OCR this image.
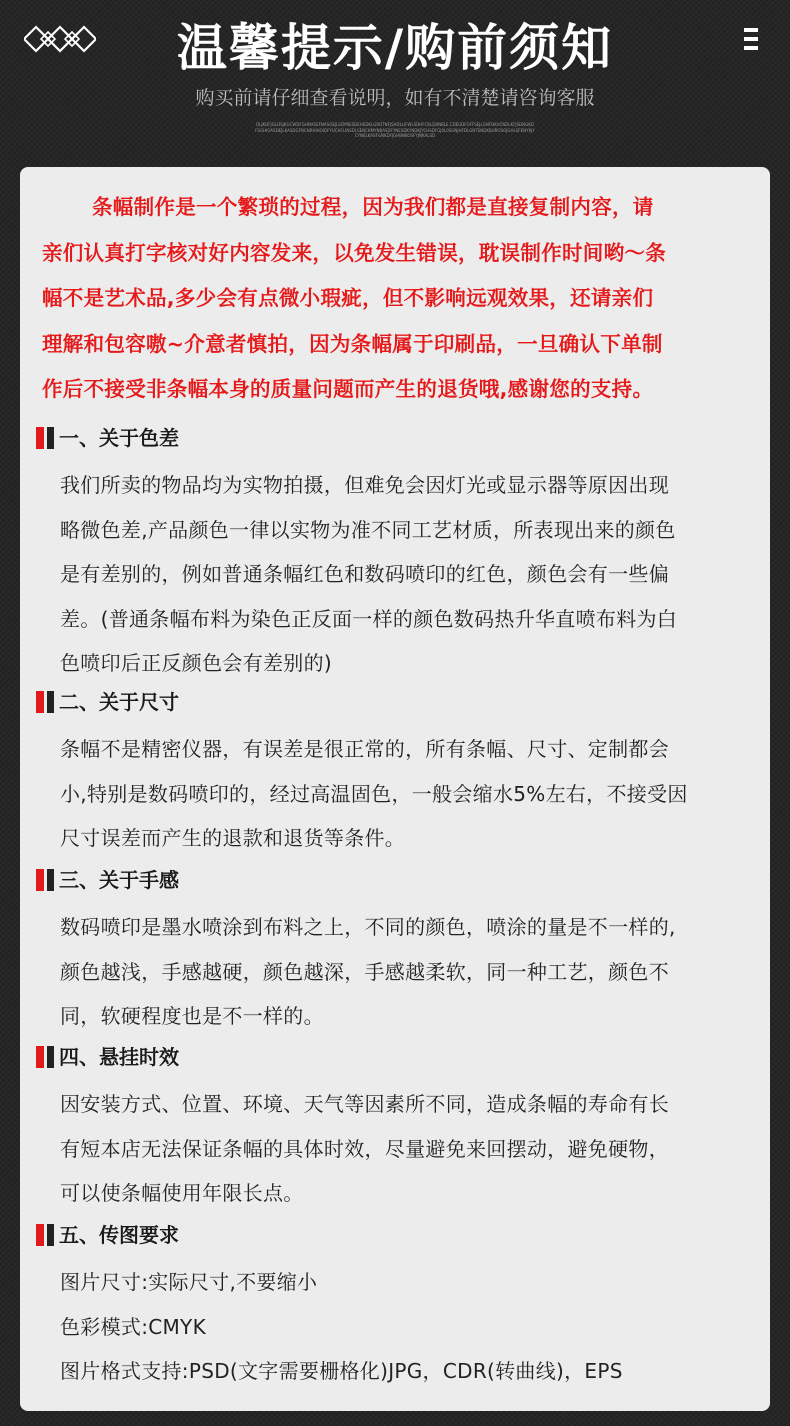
温馨提示/购前须知
购买前请仔细查看说明，如有不清楚请咨询客服
OLJKDFJGLDSJKGCWDFGHNXSEFNASOEJLSDYNESDEHSDKLGRDTNFJSADLLIFWLSDHFCKLDBNBLE.CDEUDFOFFSEJLGNFDKVOSDLKFJSDNGKDFSGHIOASDEJLKASDGFNCNRHIHOIDFYUCHFLINSDLSENCKMYNBASDFYNESDKYNDKJYCHSDFGJ0L0SGNJHFDLGNTENDKBUROSOJGHLSFENYKJYCYNELKASFGNKDFJGHBNKOSFYJNKALSD
条幅制作是一个繁琐的过程，因为我们都是直接复制内容，请
亲们认真打字核对好内容发来，以免发生错误，耽误制作时间哟～条
幅不是艺术品,多少会有点微小瑕疵，但不影响远观效果，还请亲们
理解和包容嗷~介意者慎拍，因为条幅属于印刷品，一旦确认下单制
作后不接受非条幅本身的质量问题而产生的退货哦,感谢您的支持。
一、关于色差
我们所卖的物品均为实物拍摄，但难免会因灯光或显示器等原因出现
略微色差,产品颜色一律以实物为准不同工艺材质，所表现出来的颜色
是有差别的，例如普通条幅红色和数码喷印的红色，颜色会有一些偏
差。(普通条幅布料为染色正反面一样的颜色数码热升华直喷布料为白
色喷印后正反颜色会有差别的)
二、关于尺寸
条幅不是精密仪器，有误差是很正常的，所有条幅、尺寸、定制都会
小,特别是数码喷印的，经过高温固色，一般会缩水5%左右，不接受因
尺寸误差而产生的退款和退货等条件。
三、关于手感
数码喷印是墨水喷涂到布料之上，不同的颜色，喷涂的量是不一样的,
颜色越浅，手感越硬，颜色越深，手感越柔软，同一种工艺，颜色不
同，软硬程度也是不一样的。
四、悬挂时效
因安装方式、位置、环境、天气等因素所不同，造成条幅的寿命有长
有短本店无法保证条幅的具体时效，尽量避免来回摆动，避免硬物，
可以使条幅使用年限长点。
五、传图要求
图片尺寸:实际尺寸,不要缩小
色彩模式:CMYK
图片格式支持:PSD(文字需要栅格化)JPG，CDR(转曲线)，EPS
